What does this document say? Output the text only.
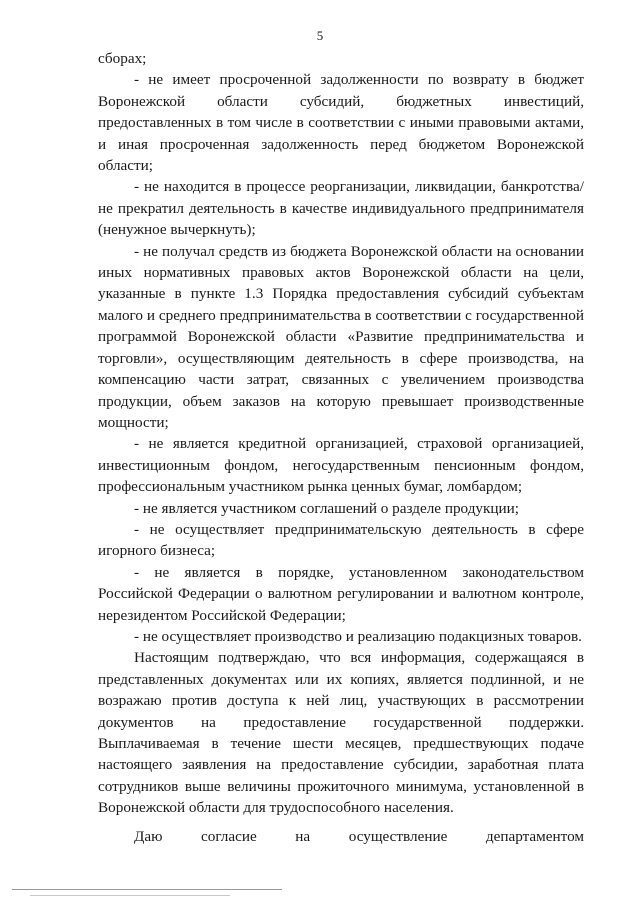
5

сборах;

- не имеет просроченной задолженности по возврату в бюджет Воронежской области субсидий, бюджетных инвестиций, предоставленных в том числе в соответствии с иными правовыми актами, и иная просроченная задолженность перед бюджетом Воронежской области;

- не находится в процессе реорганизации, ликвидации, банкротства/ не прекратил деятельность в качестве индивидуального предпринимателя (ненужное вычеркнуть);

- не получал средств из бюджета Воронежской области на основании иных нормативных правовых актов Воронежской области на цели, указанные в пункте 1.3 Порядка предоставления субсидий субъектам малого и среднего предпринимательства в соответствии с государственной программой Воронежской области «Развитие предпринимательства и торговли», осуществляющим деятельность в сфере производства, на компенсацию части затрат, связанных с увеличением производства продукции, объем заказов на которую превышает производственные мощности;

- не является кредитной организацией, страховой организацией, инвестиционным фондом, негосударственным пенсионным фондом, профессиональным участником рынка ценных бумаг, ломбардом;

- не является участником соглашений о разделе продукции;

- не осуществляет предпринимательскую деятельность в сфере игорного бизнеса;

- не является в порядке, установленном законодательством Российской Федерации о валютном регулировании и валютном контроле, нерезидентом Российской Федерации;

- не осуществляет производство и реализацию подакцизных товаров.

Настоящим подтверждаю, что вся информация, содержащаяся в представленных документах или их копиях, является подлинной, и не возражаю против доступа к ней лиц, участвующих в рассмотрении документов на предоставление государственной поддержки. Выплачиваемая в течение шести месяцев, предшествующих подаче настоящего заявления на предоставление субсидии, заработная плата сотрудников выше величины прожиточного минимума, установленной в Воронежской области для трудоспособного населения.

Даю согласие на осуществление департаментом
